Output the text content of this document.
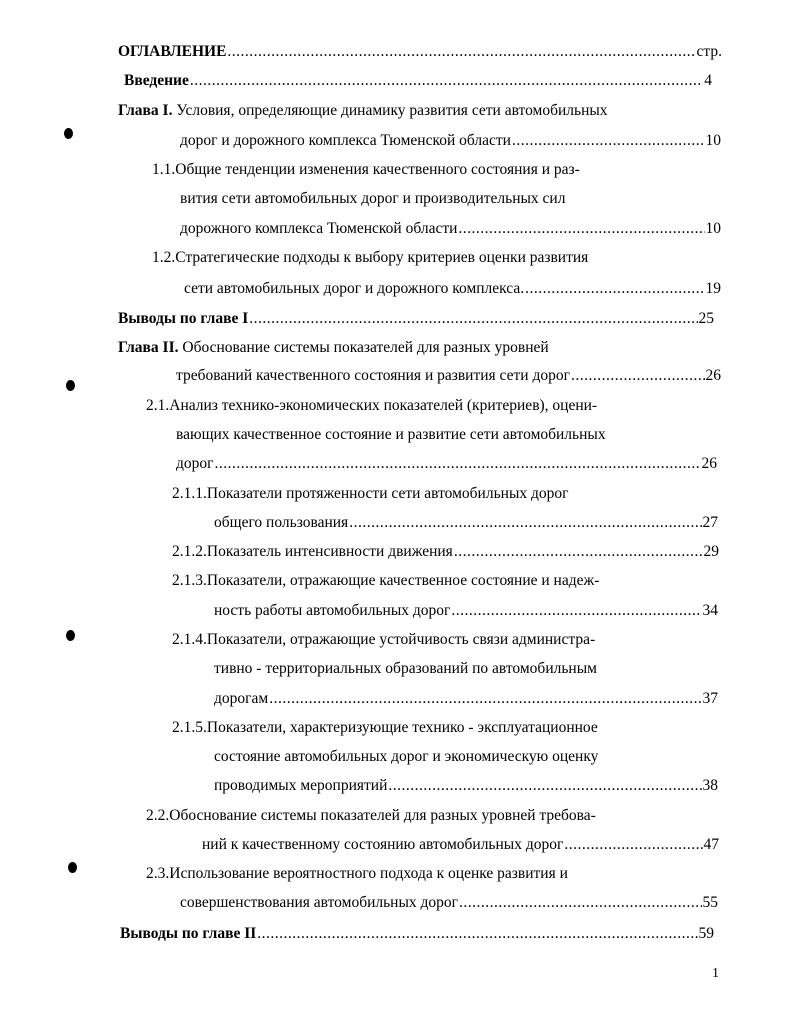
ОГЛАВЛЕНИЕ .....	стр.
Введение .....	4
Глава I. Условия, определяющие динамику развития сети автомобильных
дорог и дорожного комплекса Тюменской области .....	10
1.1.Общие тенденции изменения качественного состояния и раз-
вития сети автомобильных дорог и производительных сил
дорожного комплекса Тюменской области .....	10
1.2.Стратегические подходы к выбору критериев оценки развития
сети автомобильных дорог и дорожного комплекса. .....	19
Выводы по главе I .....	25
Глава II. Обоснование системы показателей для разных уровней
требований качественного состояния и развития сети дорог .....	26
2.1.Анализ технико-экономических показателей (критериев), оцени-
вающих качественное состояние и развитие сети автомобильных
дорог .....	26
2.1.1.Показатели протяженности сети автомобильных дорог
общего пользования .....	27
2.1.2.Показатель интенсивности движения .....	29
2.1.3.Показатели, отражающие качественное состояние и надеж-
ность работы автомобильных дорог .....	34
2.1.4.Показатели, отражающие устойчивость связи администра-
тивно - территориальных образований по автомобильным
дорогам .....	37
2.1.5.Показатели, характеризующие технико - эксплуатационное
состояние автомобильных дорог и экономическую оценку
проводимых мероприятий .....	38
2.2.Обоснование системы показателей для разных уровней требова-
ний к качественному состоянию автомобильных дорог .....	47
2.3.Использование вероятностного подхода к оценке развития и
совершенствования автомобильных дорог .....	55
Выводы по главе II .....	59
1
